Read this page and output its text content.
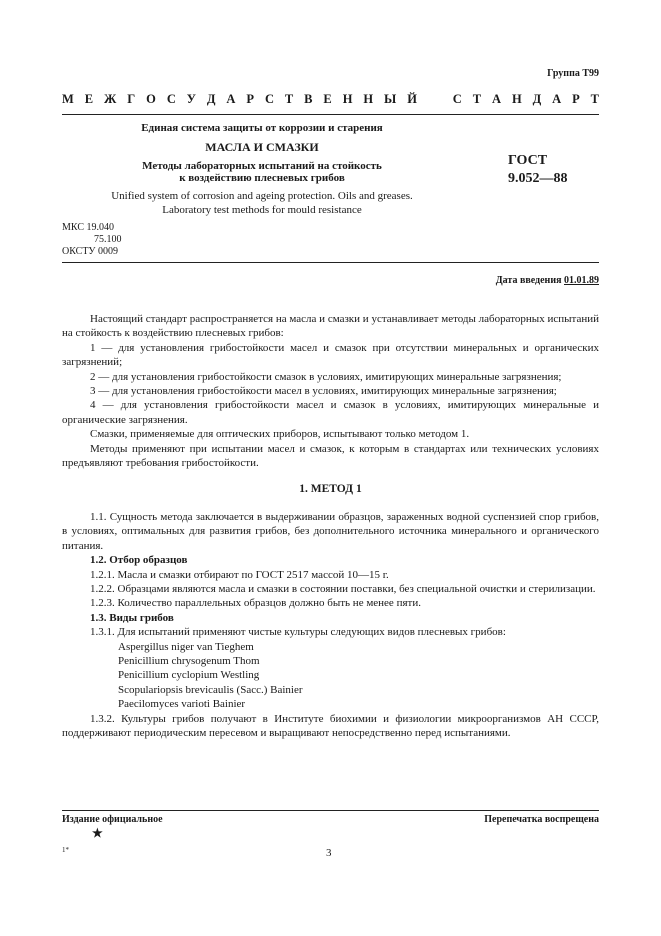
Группа Т99
М Е Ж Г О С У Д А Р С Т В Е Н Н Ы Й	С Т А Н Д А Р Т
Единая система защиты от коррозии и старения
МАСЛА И СМАЗКИ
Методы лабораторных испытаний на стойкость
к воздействию плесневых грибов
Unified system of corrosion and ageing protection. Oils and greases.
Laboratory test methods for mould resistance
ГОСТ
9.052—88
МКС 19.040
75.100
ОКСТУ 0009
Дата введения 01.01.89

Настоящий стандарт распространяется на масла и смазки и устанавливает методы лабораторных испытаний на стойкость к воздействию плесневых грибов:

1 — для установления грибостойкости масел и смазок при отсутствии минеральных и органических загрязнений;

2 — для установления грибостойкости смазок в условиях, имитирующих минеральные загрязнения;

3 — для установления грибостойкости масел в условиях, имитирующих минеральные загрязнения;

4 — для установления грибостойкости масел и смазок в условиях, имитирующих минеральные и органические загрязнения.

Смазки, применяемые для оптических приборов, испытывают только методом 1.

Методы применяют при испытании масел и смазок, к которым в стандартах или технических условиях предъявляют требования грибостойкости.

1. МЕТОД 1

1.1. Сущность метода заключается в выдерживании образцов, зараженных водной суспензией спор грибов, в условиях, оптимальных для развития грибов, без дополнительного источника минерального и органического питания.

1.2. Отбор образцов

1.2.1. Масла и смазки отбирают по ГОСТ 2517 массой 10—15 г.

1.2.2. Образцами являются масла и смазки в состоянии поставки, без специальной очистки и стерилизации.

1.2.3. Количество параллельных образцов должно быть не менее пяти.

1.3. Виды грибов

1.3.1. Для испытаний применяют чистые культуры следующих видов плесневых грибов:

Aspergillus niger van Tieghem

Penicillium chrysogenum Thom

Penicillium cyclopium Westling

Scopulariopsis brevicaulis (Sacc.) Bainier

Paecilomyces varioti Bainier

1.3.2. Культуры грибов получают в Институте биохимии и физиологии микроорганизмов АН СССР, поддерживают периодическим пересевом и выращивают непосредственно перед испытаниями.

Издание официальное	Перепечатка воспрещена
★
1*	3
